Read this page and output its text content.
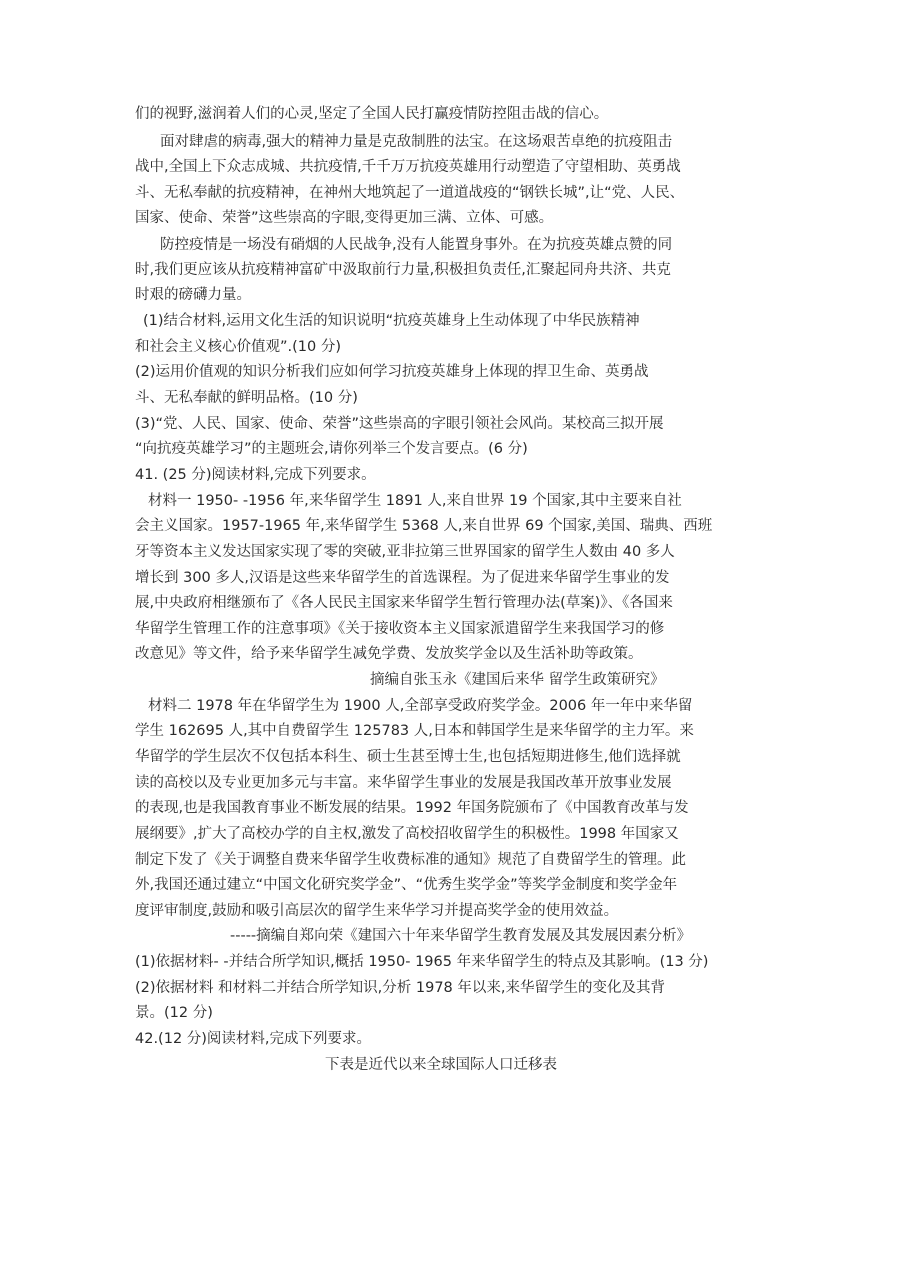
们的视野,滋润着人们的心灵,坚定了全国人民打赢疫情防控阻击战的信心。
面对肆虐的病毒,强大的精神力量是克敌制胜的法宝。在这场艰苦卓绝的抗疫阻击
战中,全国上下众志成城、共抗疫情,千千万万抗疫英雄用行动塑造了守望相助、英勇战
斗、无私奉献的抗疫精神，在神州大地筑起了一道道战疫的“钢铁长城”,让“党、人民、
国家、使命、荣誉”这些崇高的字眼,变得更加三满、立体、可感。
防控疫情是一场没有硝烟的人民战争,没有人能置身事外。在为抗疫英雄点赞的同
时,我们更应该从抗疫精神富矿中汲取前行力量,积极担负责任,汇聚起同舟共济、共克
时艰的磅礴力量。
(1)结合材料,运用文化生活的知识说明“抗疫英雄身上生动体现了中华民族精神
和社会主义核心价值观”.(10 分)
(2)运用价值观的知识分析我们应如何学习抗疫英雄身上体现的捍卫生命、英勇战
斗、无私奉献的鲜明品格。(10 分)
(3)“党、人民、国家、使命、荣誉”这些崇高的字眼引领社会风尚。某校高三拟开展
“向抗疫英雄学习”的主题班会,请你列举三个发言要点。(6 分)
41. (25 分)阅读材料,完成下列要求。
材料一 1950- -1956 年,来华留学生 1891 人,来自世界 19 个国家,其中主要来自社
会主义国家。1957-1965 年,来华留学生 5368 人,来自世界 69 个国家,美国、瑞典、西班
牙等资本主义发达国家实现了零的突破,亚非拉第三世界国家的留学生人数由 40 多人
增长到 300 多人,汉语是这些来华留学生的首选课程。为了促进来华留学生事业的发
展,中央政府相继颁布了《各人民民主国家来华留学生暂行管理办法(草案)》、《各国来
华留学生管理工作的注意事项》《关于接收资本主义国家派遣留学生来我国学习的修
改意见》等文件，给予来华留学生减免学费、发放奖学金以及生活补助等政策。
摘编自张玉永《建国后来华 留学生政策研究》
材料二 1978 年在华留学生为 1900 人,全部享受政府奖学金。2006 年一年中来华留
学生 162695 人,其中自费留学生 125783 人,日本和韩国学生是来华留学的主力军。来
华留学的学生层次不仅包括本科生、硕士生甚至博士生,也包括短期进修生,他们选择就
读的高校以及专业更加多元与丰富。来华留学生事业的发展是我国改革开放事业发展
的表现,也是我国教育事业不断发展的结果。1992 年国务院颁布了《中国教育改革与发
展纲要》,扩大了高校办学的自主权,激发了高校招收留学生的积极性。1998 年国家又
制定下发了《关于调整自费来华留学生收费标准的通知》规范了自费留学生的管理。此
外,我国还通过建立“中国文化研究奖学金”、“优秀生奖学金”等奖学金制度和奖学金年
度评审制度,鼓励和吸引高层次的留学生来华学习并提高奖学金的使用效益。
-----摘编自郑向荣《建国六十年来华留学生教育发展及其发展因素分析》
(1)依据材料- -并结合所学知识,概括 1950- 1965 年来华留学生的特点及其影响。(13 分)
(2)依据材料 和材料二并结合所学知识,分析 1978 年以来,来华留学生的变化及其背
景。(12 分)
42.(12 分)阅读材料,完成下列要求。
下表是近代以来全球国际人口迁移表
